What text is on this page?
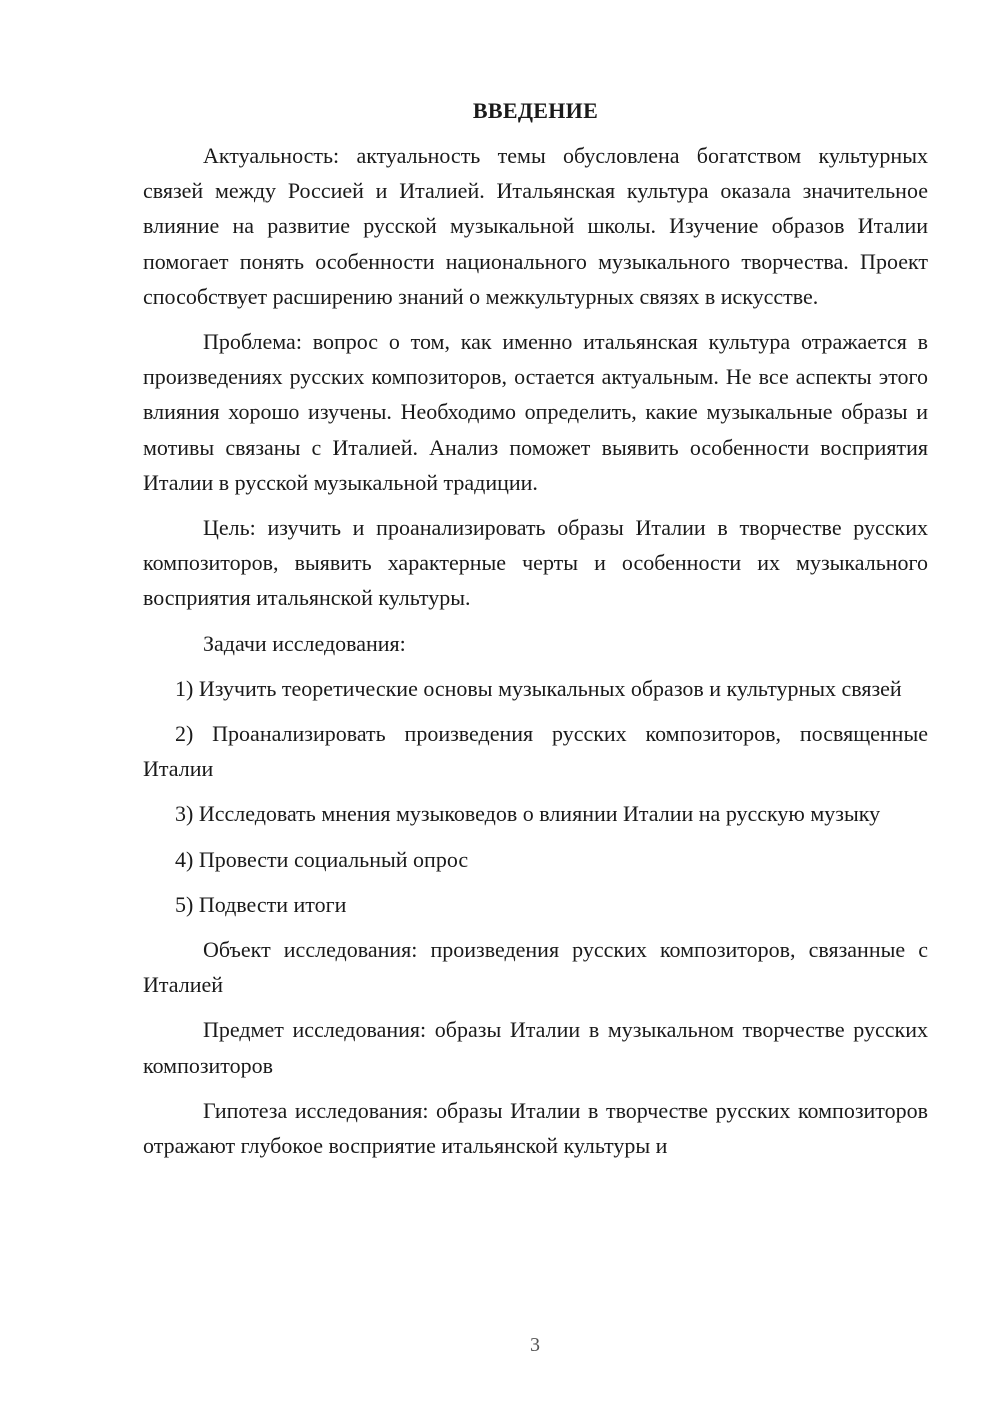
ВВЕДЕНИЕ

Актуальность: актуальность темы обусловлена богатством культурных связей между Россией и Италией. Итальянская культура оказала значительное влияние на развитие русской музыкальной школы. Изучение образов Италии помогает понять особенности национального музыкального творчества. Проект способствует расширению знаний о межкультурных связях в искусстве.

Проблема: вопрос о том, как именно итальянская культура отражается в произведениях русских композиторов, остается актуальным. Не все аспекты этого влияния хорошо изучены. Необходимо определить, какие музыкальные образы и мотивы связаны с Италией. Анализ поможет выявить особенности восприятия Италии в русской музыкальной традиции.

Цель: изучить и проанализировать образы Италии в творчестве русских композиторов, выявить характерные черты и особенности их музыкального восприятия итальянской культуры.

Задачи исследования:

1) Изучить теоретические основы музыкальных образов и культурных связей

2) Проанализировать произведения русских композиторов, посвященные Италии

3) Исследовать мнения музыковедов о влиянии Италии на русскую музыку

4) Провести социальный опрос

5) Подвести итоги

Объект исследования: произведения русских композиторов, связанные с Италией

Предмет исследования: образы Италии в музыкальном творчестве русских композиторов

Гипотеза исследования: образы Италии в творчестве русских композиторов отражают глубокое восприятие итальянской культуры и

3
